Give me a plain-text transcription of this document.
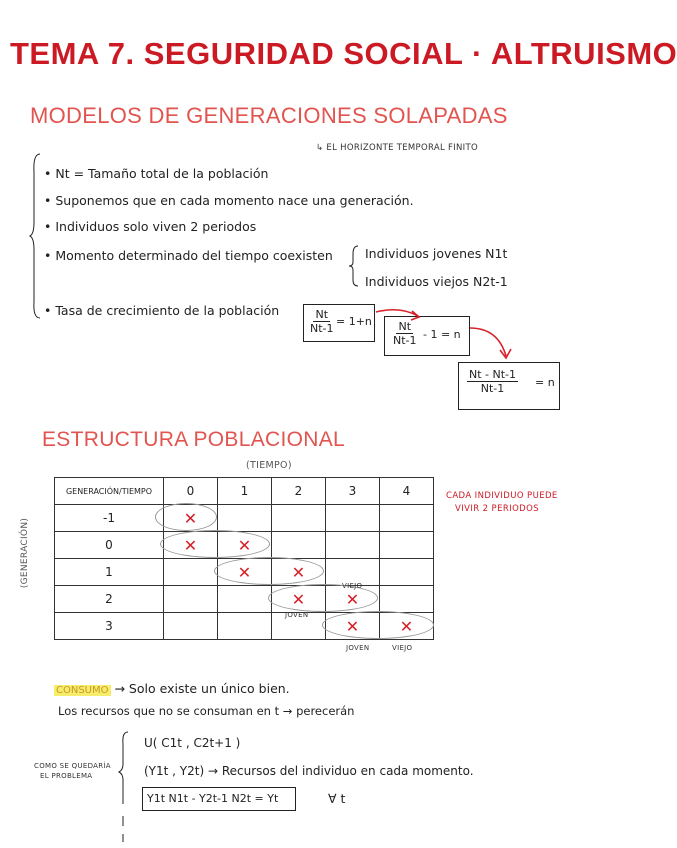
TEMA 7. SEGURIDAD SOCIAL · ALTRUISMO
MODELOS DE GENERACIONES SOLAPADAS
↳ EL HORIZONTE TEMPORAL FINITO
• Nt = Tamaño total de la población
• Suponemos que en cada momento nace una generación.
• Individuos solo viven 2 periodos
• Momento determinado del tiempo coexisten	Individuos jovenes N1t
Individuos viejos N2t-1
• Tasa de crecimiento de la población	$\frac{Nt}{Nt-1} = 1+n \frac{Nt}{Nt-1} - 1 = n$
$\frac{Nt - Nt-1}{Nt-1} = n$
ESTRUCTURA POBLACIONAL
(TIEMPO)
(GENERACIÓN)
GENERACIÓN/TIEMPO	0	1	2	3	4
-1	✕				
0	✕	✕			
1		✕	✕		
2			✕	✕	
3				✕	✕
VIEJO
JOVEN
JOVEN	VIEJO
CADA INDIVIDUO PUEDE
VIVIR 2 PERIODOS
CONSUMO → Solo existe un único bien.
Los recursos que no se consuman en t → perecerán
COMO SE QUEDARÍA
EL PROBLEMA
U( C1t , C2t+1 )
(Y1t , Y2t) → Recursos del individuo en cada momento.
Y1t N1t - Y2t-1 N2t = Yt	∀ t
